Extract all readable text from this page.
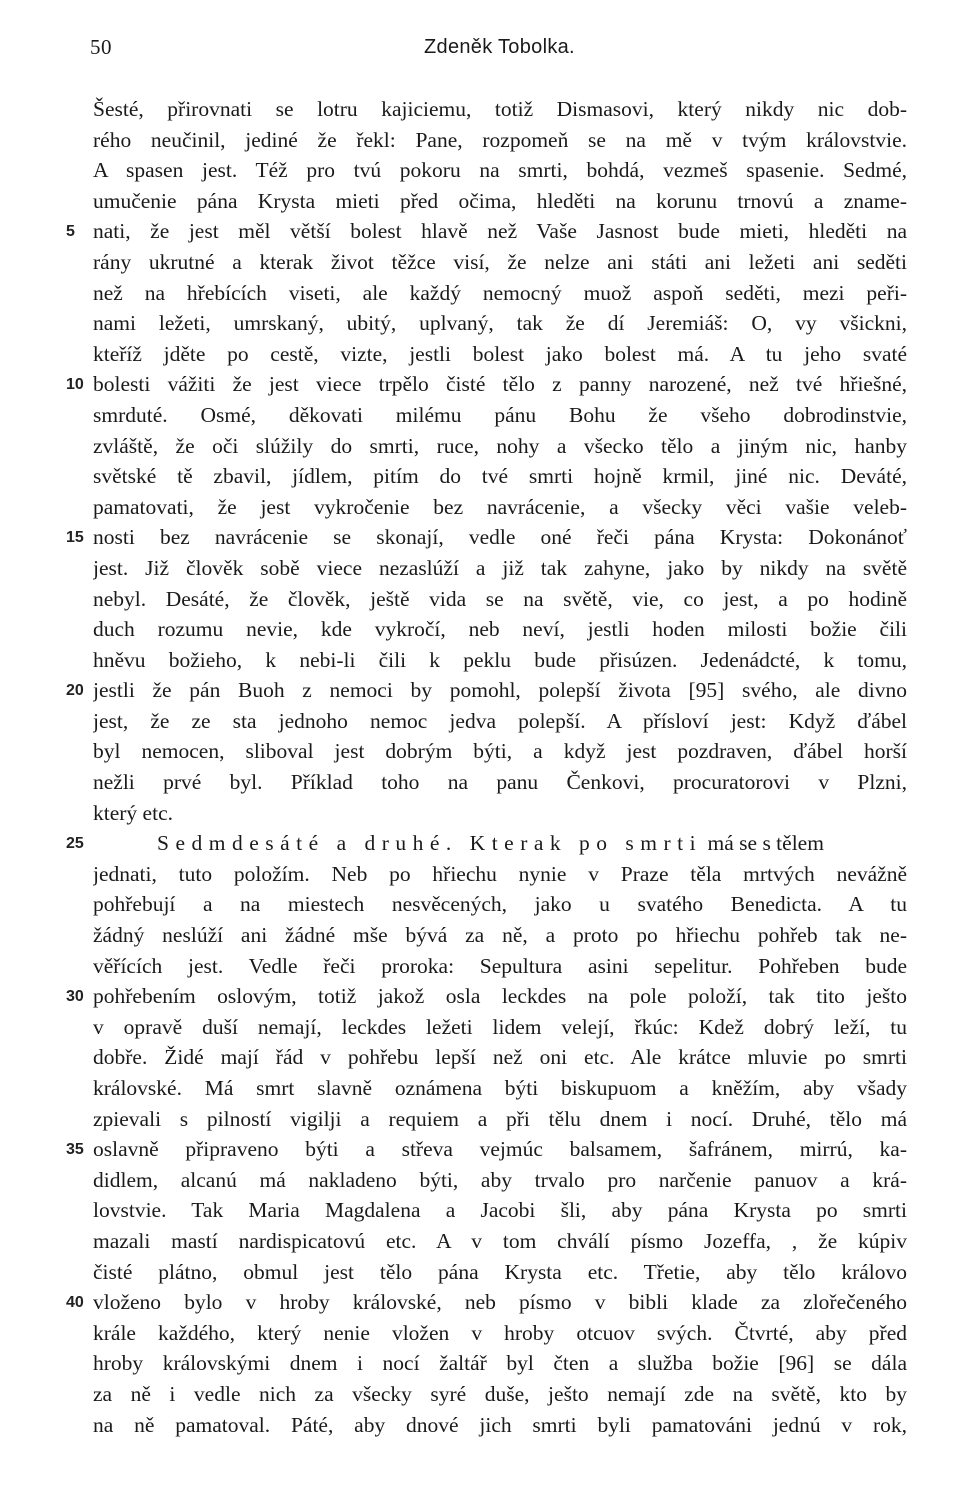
50	Zdeněk Tobolka.
Šesté, přirovnati se lotru kajiciemu, totiž Dismasovi, který nikdy nic dob-
rého neučinil, jediné že řekl: Pane, rozpomeň se na mě v tvým královstvie.
A spasen jest. Též pro tvú pokoru na smrti, bohdá, vezmeš spasenie. Sedmé,
umučenie pána Krysta mieti před očima, hleděti na korunu trnovú a zname-
5 nati, že jest měl větší bolest hlavě než Vaše Jasnost bude mieti, hleděti na
rány ukrutné a kterak život těžce visí, že nelze ani státi ani ležeti ani seděti
než na hřebících viseti, ale každý nemocný muož aspoň seděti, mezi peři-
nami ležeti, umrskaný, ubitý, uplvaný, tak že dí Jeremiáš: O, vy všickni,
kteříž jděte po cestě, vizte, jestli bolest jako bolest má. A tu jeho svaté
10 bolesti vážiti že jest viece trpělo čisté tělo z panny narozené, než tvé hřiešné,
smrduté. Osmé, děkovati milému pánu Bohu že všeho dobrodinstvie,
zvláště, že oči slúžily do smrti, ruce, nohy a všecko tělo a jiným nic, hanby
světské tě zbavil, jídlem, pitím do tvé smrti hojně krmil, jiné nic. Deváté,
pamatovati, že jest vykročenie bez navrácenie, a všecky věci vašie veleb-
15 nosti bez navrácenie se skonají, vedle oné řeči pána Krysta: Dokonánoť
jest. Již člověk sobě viece nezaslúží a již tak zahyne, jako by nikdy na světě
nebyl. Desáté, že člověk, ještě vida se na světě, vie, co jest, a po hodině
duch rozumu nevie, kde vykročí, neb neví, jestli hoden milosti božie čili
hněvu božieho, k nebi-li čili k peklu bude přisúzen. Jedenádcté, k tomu,
20 jestli že pán Buoh z nemoci by pomohl, polepší života [95] svého, ale divno
jest, že ze sta jednoho nemoc jedva polepší. A přísloví jest: Když ďábel
byl nemocen, sliboval jest dobrým býti, a když jest pozdraven, ďábel horší
nežli prvé byl. Příklad toho na panu Čenkovi, procuratorovi v Plzni,
který etc.
25	Sedmdesáté a druhé. Kterak po smrti má se s tělem
jednati, tuto položím. Neb po hřiechu nynie v Praze těla mrtvých nevážně
pohřebují a na miestech nesvěcených, jako u svatého Benedicta. A tu
žádný neslúží ani žádné mše bývá za ně, a proto po hřiechu pohřeb tak ne-
věřících jest. Vedle řeči proroka: Sepultura asini sepelitur. Pohřeben bude
30 pohřebením oslovým, totiž jakož osla leckdes na pole položí, tak tito ješto
v opravě duší nemají, leckdes ležeti lidem velejí, řkúc: Kdež dobrý leží, tu
dobře. Židé mají řád v pohřebu lepší než oni etc. Ale krátce mluvie po smrti
královské. Má smrt slavně oznámena býti biskupuom a kněžím, aby všady
zpievali s pilností vigilji a requiem a při tělu dnem i nocí. Druhé, tělo má
35 oslavně připraveno býti a střeva vejmúc balsamem, šafránem, mirrú, ka-
didlem, alcanú má nakladeno býti, aby trvalo pro narčenie panuov a krá-
lovstvie. Tak Maria Magdalena a Jacobi šli, aby pána Krysta po smrti
mazali mastí nardispicatovú etc. A v tom chválí písmo Jozeffa, , že kúpiv
čisté plátno, obmul jest tělo pána Krysta etc. Třetie, aby tělo královo
40 vloženo bylo v hroby královské, neb písmo v bibli klade za zlořečeného
krále každého, který nenie vložen v hroby otcuov svých. Čtvrté, aby před
hroby královskými dnem i nocí žaltář byl čten a služba božie [96] se dála
za ně i vedle nich za všecky syré duše, ješto nemají zde na světě, kto by
na ně pamatoval. Páté, aby dnové jich smrti byli pamatováni jednú v rok,
